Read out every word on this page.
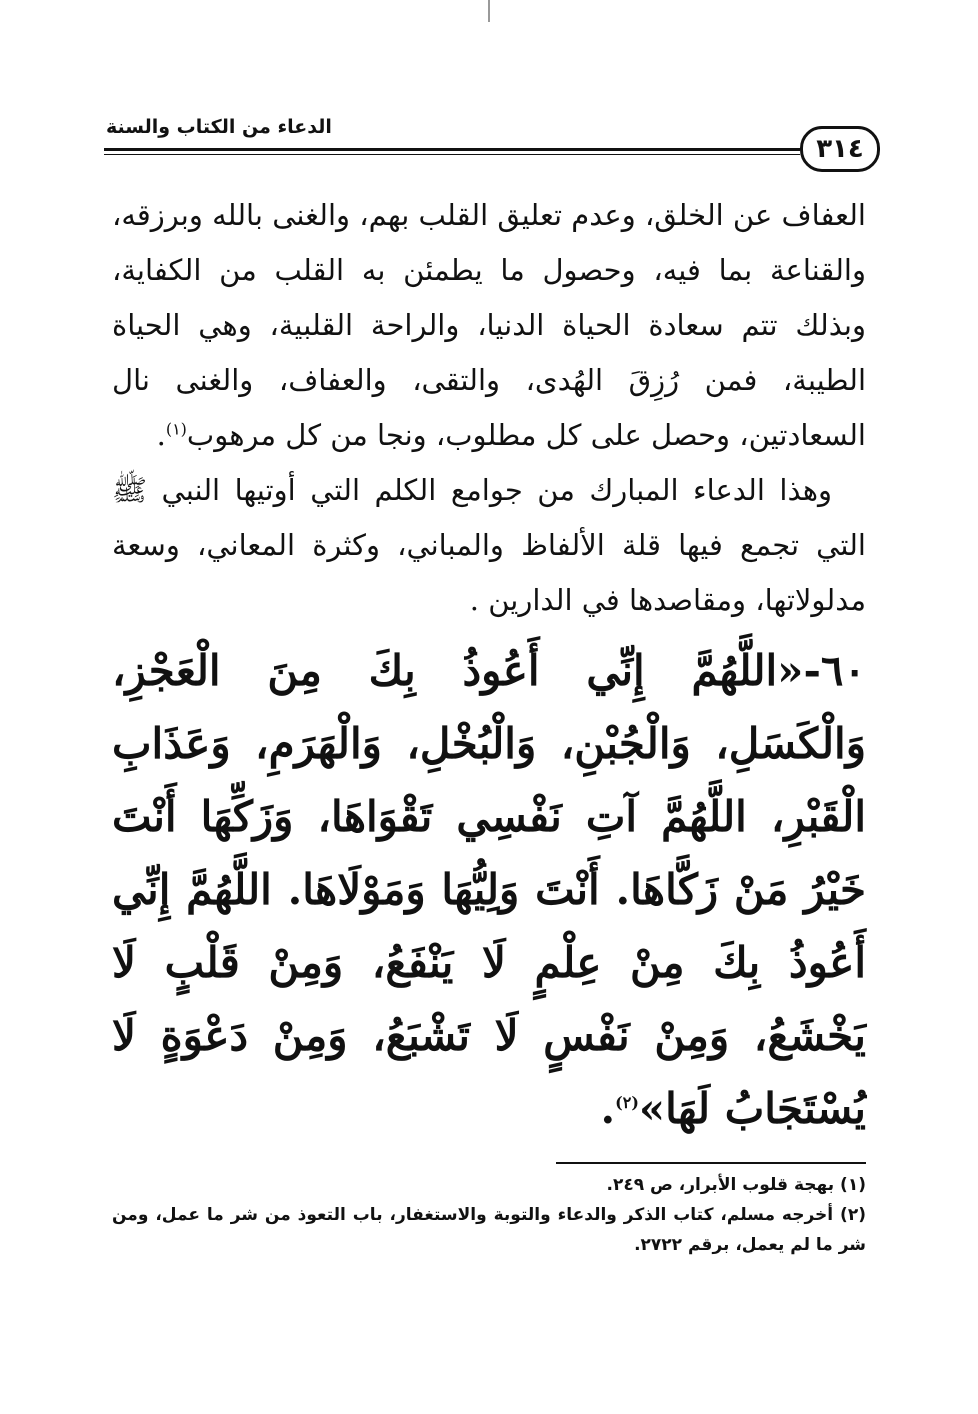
الدعاء من الكتاب والسنة
٣١٤

العفاف عن الخلق، وعدم تعليق القلب بهم، والغنى بالله وبرزقه، والقناعة بما فيه، وحصول ما يطمئن به القلب من الكفاية، وبذلك تتم سعادة الحياة الدنيا، والراحة القلبية، وهي الحياة الطيبة، فمن رُزِقَ الهُدى، والتقى، والعفاف، والغنى نال السعادتين، وحصل على كل مطلوب، ونجا من كل مرهوب$^{(١)}$.

وهذا الدعاء المبارك من جوامع الكلم التي أوتيها النبي ﷺ التي تجمع فيها قلة الألفاظ والمباني، وكثرة المعاني، وسعة مدلولاتها، ومقاصدها في الدارين .

٦٠-«اللَّهُمَّ إِنِّي أَعُوذُ بِكَ مِنَ الْعَجْزِ، وَالْكَسَلِ، وَالْجُبْنِ، وَالْبُخْلِ، وَالْهَرَمِ، وَعَذَابِ الْقَبْرِ، اللَّهُمَّ آتِ نَفْسِي تَقْوَاهَا، وَزَكِّهَا أَنْتَ خَيْرُ مَنْ زَكَّاهَا. أَنْتَ وَلِيُّهَا وَمَوْلَاهَا. اللَّهُمَّ إِنِّي أَعُوذُ بِكَ مِنْ عِلْمٍ لَا يَنْفَعُ، وَمِنْ قَلْبٍ لَا يَخْشَعُ، وَمِنْ نَفْسٍ لَا تَشْبَعُ، وَمِنْ دَعْوَةٍ لَا يُسْتَجَابُ لَهَا»$^{(٢)}$.

(١) بهجة قلوب الأبرار، ص ٢٤٩.

(٢) أخرجه مسلم، كتاب الذكر والدعاء والتوبة والاستغفار، باب التعوذ من شر ما عمل، ومن شر ما لم يعمل، برقم ٢٧٢٢.
